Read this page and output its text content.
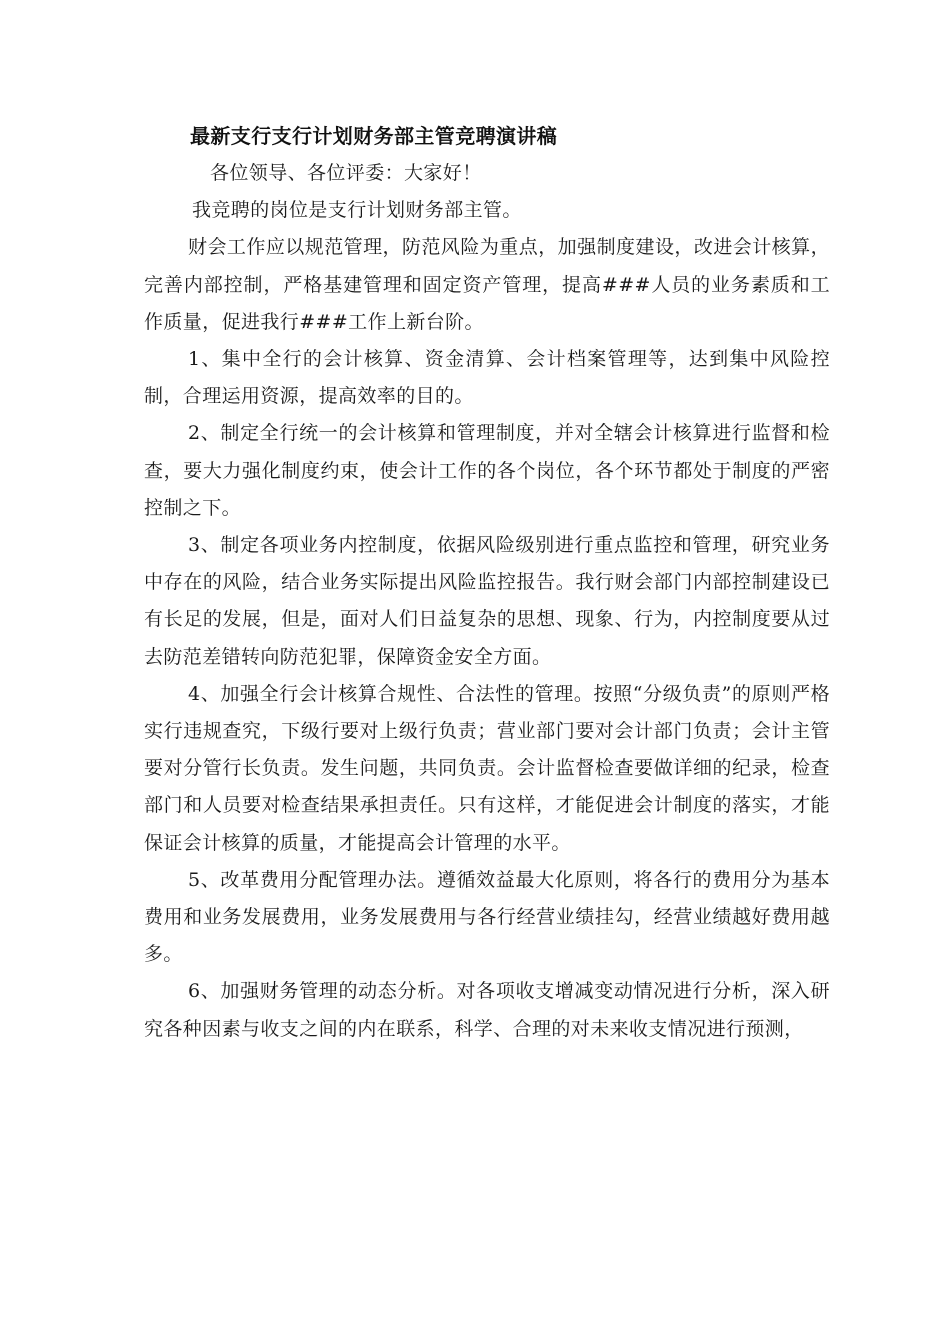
最新支行支行计划财务部主管竞聘演讲稿

各位领导、各位评委：大家好！

我竞聘的岗位是支行计划财务部主管。

财会工作应以规范管理，防范风险为重点，加强制度建设，改进会计核算，完善内部控制，严格基建管理和固定资产管理，提高###人员的业务素质和工作质量，促进我行###工作上新台阶。

1、集中全行的会计核算、资金清算、会计档案管理等，达到集中风险控制，合理运用资源，提高效率的目的。

2、制定全行统一的会计核算和管理制度，并对全辖会计核算进行监督和检查，要大力强化制度约束，使会计工作的各个岗位，各个环节都处于制度的严密控制之下。

3、制定各项业务内控制度，依据风险级别进行重点监控和管理，研究业务中存在的风险，结合业务实际提出风险监控报告。我行财会部门内部控制建设已有长足的发展，但是，面对人们日益复杂的思想、现象、行为，内控制度要从过去防范差错转向防范犯罪，保障资金安全方面。

4、加强全行会计核算合规性、合法性的管理。按照“分级负责”的原则严格实行违规查究，下级行要对上级行负责；营业部门要对会计部门负责；会计主管要对分管行长负责。发生问题，共同负责。会计监督检查要做详细的纪录，检查部门和人员要对检查结果承担责任。只有这样，才能促进会计制度的落实，才能保证会计核算的质量，才能提高会计管理的水平。

5、改革费用分配管理办法。遵循效益最大化原则，将各行的费用分为基本费用和业务发展费用，业务发展费用与各行经营业绩挂勾，经营业绩越好费用越多。

6、加强财务管理的动态分析。对各项收支增减变动情况进行分析，深入研究各种因素与收支之间的内在联系，科学、合理的对未来收支情况进行预测，
